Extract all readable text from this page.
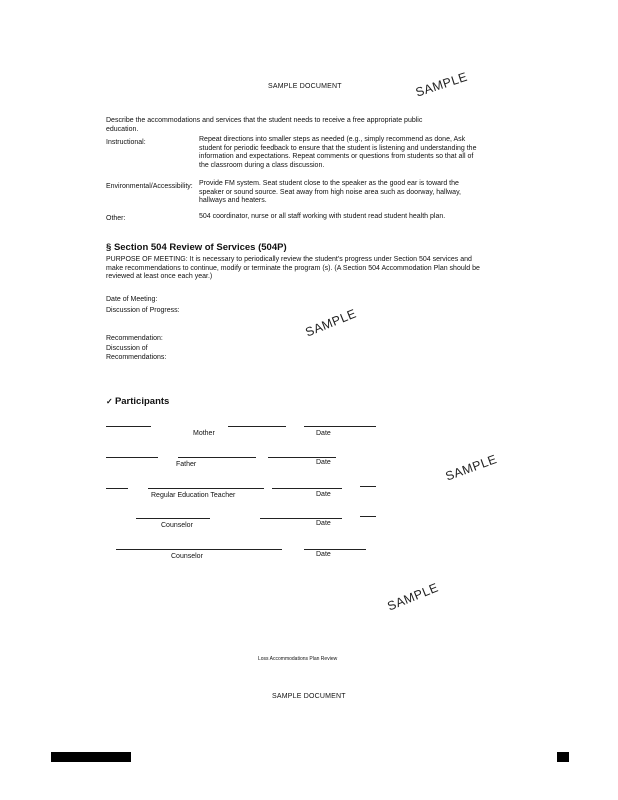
SAMPLE DOCUMENT	SAMPLE
SAMPLE
SAMPLE
SAMPLE
Describe the accommodations and services that the student needs to receive a free appropriate public
education.
Instructional:	Repeat directions into smaller steps as needed (e.g., simply recommend as done, Ask
student for periodic feedback to ensure that the student is listening and understanding the
information and expectations. Repeat comments or questions from students so that all of
the classroom during a class discussion.
Environmental/Accessibility: Provide FM system. Seat student close to the speaker as the good ear is toward the
speaker or sound source. Seat away from high noise area such as doorway, hallway,
hallways and heaters.
Other:	504 coordinator, nurse or all staff working with student read student health plan.
§ Section 504 Review of Services (504P)
PURPOSE OF MEETING: It is necessary to periodically review the student's progress under Section 504 services and
make recommendations to continue, modify or terminate the program (s). (A Section 504 Accommodation Plan should be
reviewed at least once each year.)
Date of Meeting:
Discussion of Progress:
Recommendation:
Discussion of
Recommendations:
✓ Participants
Mother	Date
Father	Date
Regular Education Teacher	Date
Counselor	Date
Counselor	Date
Loss Accommodations Plan Review
SAMPLE DOCUMENT
